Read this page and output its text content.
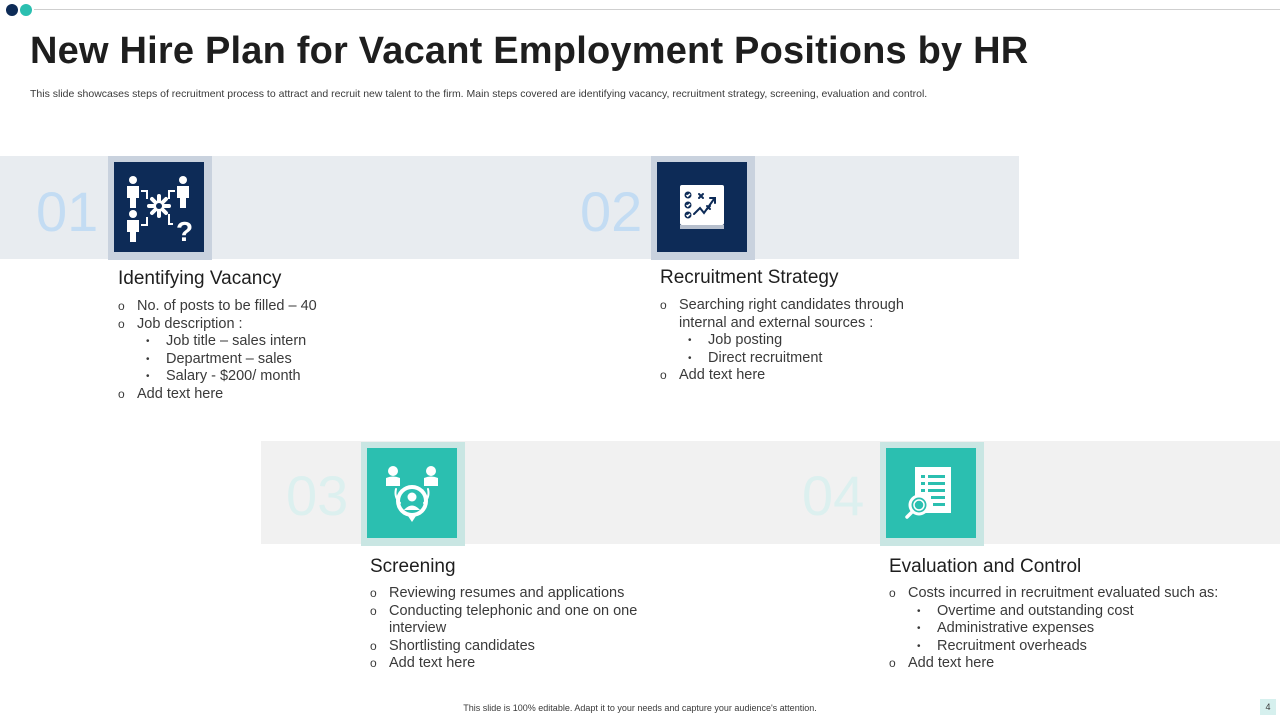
New Hire Plan for Vacant Employment Positions by HR

This slide showcases steps of recruitment process to attract and recruit new talent to the firm. Main steps covered are identifying vacancy, recruitment strategy, screening, evaluation and control.

01	?
Identifying Vacancy
o No. of posts to be filled – 40
o Job description :
• Job title – sales intern
• Department – sales
• Salary - $200/ month
o Add text here
02
Recruitment Strategy
o Searching right candidates through
internal and external sources :
• Job posting
• Direct recruitment
o Add text here
03
Screening
o Reviewing resumes and applications
o Conducting telephonic and one on one
interview
o Shortlisting candidates
o Add text here
04
Evaluation and Control
o Costs incurred in recruitment evaluated such as:
• Overtime and outstanding cost
• Administrative expenses
• Recruitment overheads
o Add text here
This slide is 100% editable. Adapt it to your needs and capture your audience's attention.	4
